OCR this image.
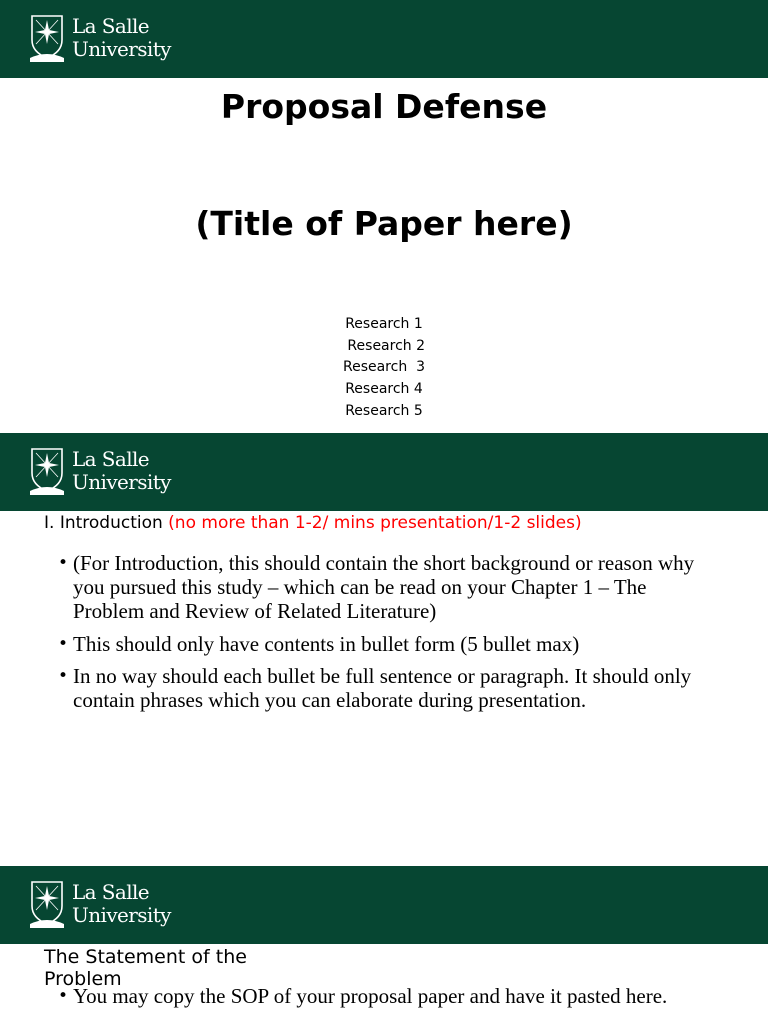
La Salle
University
Proposal Defense
(Title of Paper here)
Research 1
Research 2
Research  3
Research 4
Research 5
La Salle
University
I. Introduction (no more than 1-2/ mins presentation/1-2 slides)
• (For Introduction, this should contain the short background or reason why you pursued this study – which can be read on your Chapter 1 – The Problem and Review of Related Literature)
• This should only have contents in bullet form (5 bullet max)
• In no way should each bullet be full sentence or paragraph. It should only contain phrases which you can elaborate during presentation.
La Salle
University
The Statement of the Problem
• You may copy the SOP of your proposal paper and have it pasted here.
